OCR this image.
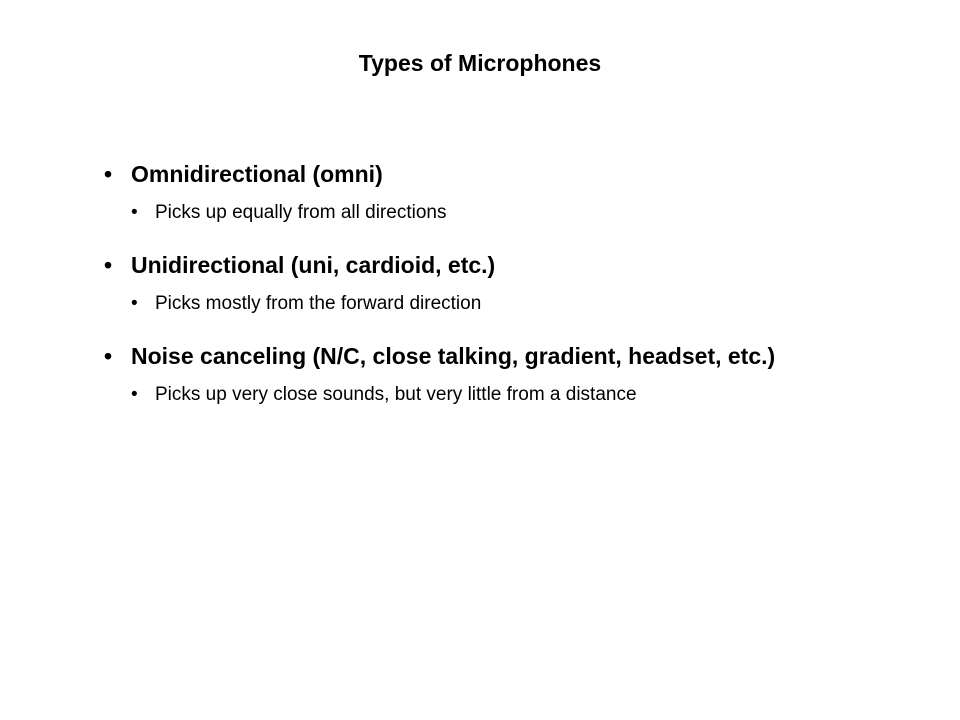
Types of Microphones
• Omnidirectional (omni)
• Picks up equally from all directions
• Unidirectional (uni, cardioid, etc.)
• Picks mostly from the forward direction
• Noise canceling (N/C, close talking, gradient, headset, etc.)
• Picks up very close sounds, but very little from a distance
